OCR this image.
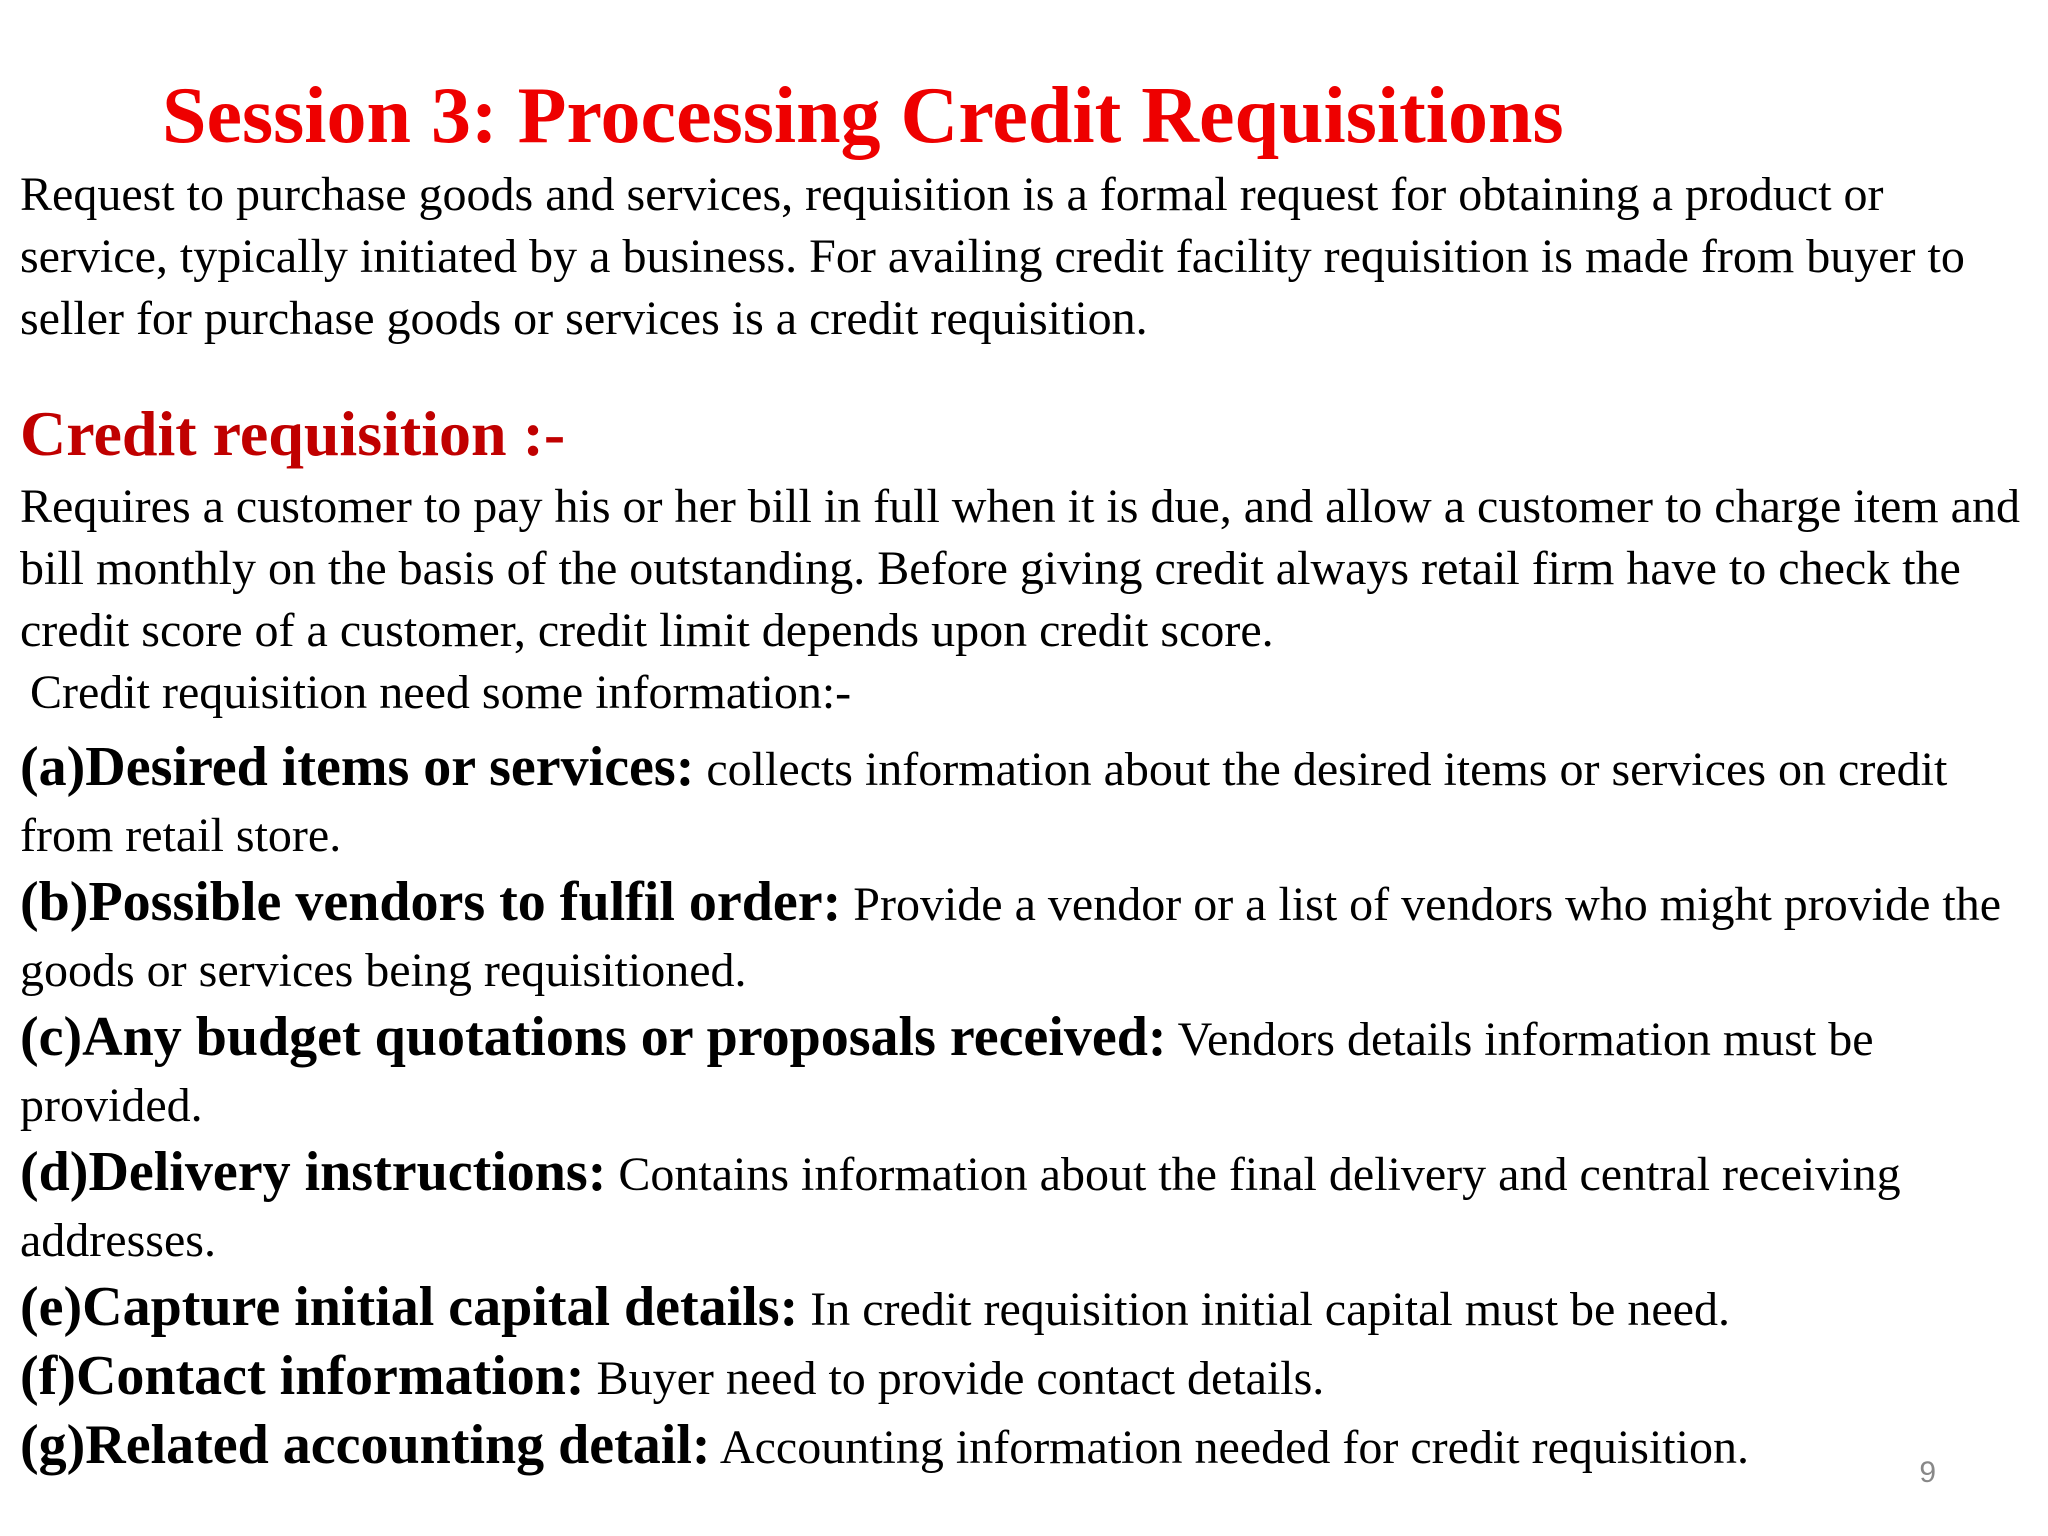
Session 3: Processing Credit Requisitions

Request to purchase goods and services, requisition is a formal request for obtaining a product or service, typically initiated by a business. For availing credit facility requisition is made from buyer to seller for purchase goods or services is a credit requisition.

Credit requisition :-

Requires a customer to pay his or her bill in full when it is due, and allow a customer to charge item and bill monthly on the basis of the outstanding. Before giving credit always retail firm have to check the credit score of a customer, credit limit depends upon credit score.

Credit requisition need some information:-

(a)Desired items or services: collects information about the desired items or services on credit from retail store.
(b)Possible vendors to fulfil order: Provide a vendor or a list of vendors who might provide the goods or services being requisitioned.
(c)Any budget quotations or proposals received: Vendors details information must be provided.
(d)Delivery instructions: Contains information about the final delivery and central receiving addresses.
(e)Capture initial capital details: In credit requisition initial capital must be need.
(f)Contact information: Buyer need to provide contact details.
(g)Related accounting detail: Accounting information needed for credit requisition.	9
